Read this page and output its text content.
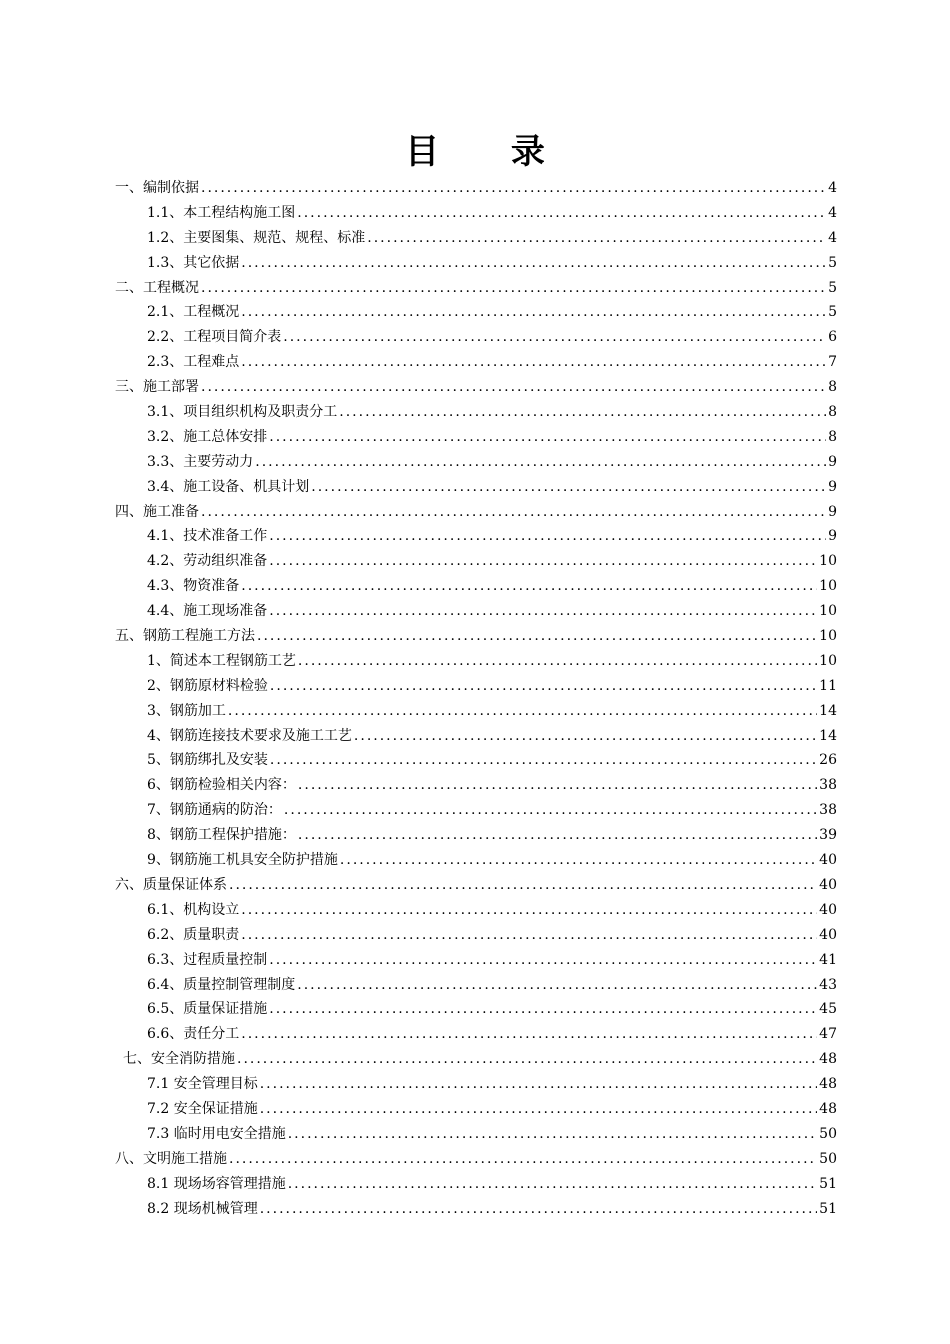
目 录
一、编制依据 .....	4
1.1、本工程结构施工图 .....	4
1.2、主要图集、规范、规程、标准 .....	4
1.3、其它依据 .....	5
二、工程概况 .....	5
2.1、工程概况 .....	5
2.2、工程项目简介表 .....	6
2.3、工程难点 .....	7
三、施工部署 .....	8
3.1、项目组织机构及职责分工 .....	8
3.2、施工总体安排 .....	8
3.3、主要劳动力 .....	9
3.4、施工设备、机具计划 .....	9
四、施工准备 .....	9
4.1、技术准备工作 .....	9
4.2、劳动组织准备 .....	10
4.3、物资准备 .....	10
4.4、施工现场准备 .....	10
五、钢筋工程施工方法 .....	10
1、简述本工程钢筋工艺 .....	10
2、钢筋原材料检验 .....	11
3、钢筋加工 .....	14
4、钢筋连接技术要求及施工工艺 .....	14
5、钢筋绑扎及安装 .....	26
6、钢筋检验相关内容： .....	38
7、钢筋通病的防治： .....	38
8、钢筋工程保护措施： .....	39
9、钢筋施工机具安全防护措施 .....	40
六、质量保证体系 .....	40
6.1、机构设立 .....	40
6.2、质量职责 .....	40
6.3、过程质量控制 .....	41
6.4、质量控制管理制度 .....	43
6.5、质量保证措施 .....	45
6.6、责任分工 .....	47
七、安全消防措施 .....	48
7.1 安全管理目标 .....	48
7.2 安全保证措施 .....	48
7.3 临时用电安全措施 .....	50
八、文明施工措施 .....	50
8.1 现场场容管理措施 .....	51
8.2 现场机械管理 .....	51
